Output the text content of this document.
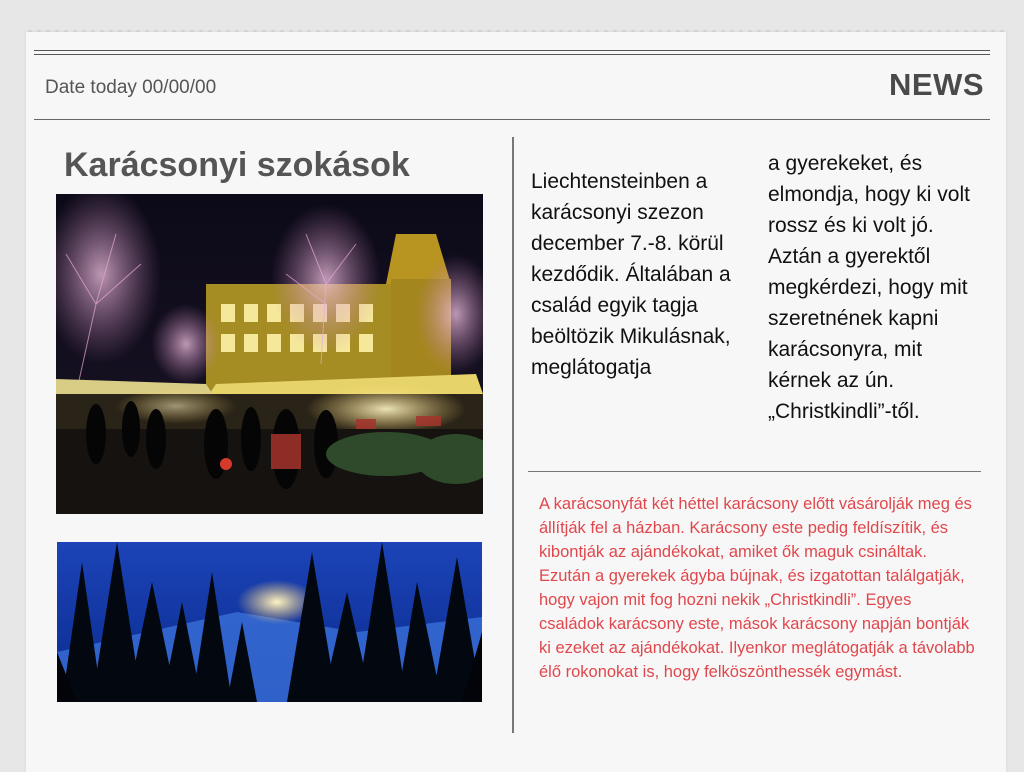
Date today 00/00/00	NEWS
Karácsonyi szokások	Liechtensteinben a karácsonyi szezon december 7.-8. körül kezdődik. Általában a család egyik tagja beöltözik Mikulásnak, meglátogatja
a gyerekeket, és elmondja, hogy ki volt rossz és ki volt jó. Aztán a gyerektől megkérdezi, hogy mit szeretnének kapni karácsonyra, mit kérnek az ún. „Christkindli”-től.
A karácsonyfát két héttel karácsony előtt vásárolják meg és állítják fel a házban. Karácsony este pedig feldíszítik, és kibontják az ajándékokat, amiket ők maguk csináltak. Ezután a gyerekek ágyba bújnak, és izgatottan találgatják, hogy vajon mit fog hozni nekik „Christkindli”. Egyes családok karácsony este, mások karácsony napján bontják ki ezeket az ajándékokat. Ilyenkor meglátogatják a távolabb élő rokonokat is, hogy felköszönthessék egymást.
